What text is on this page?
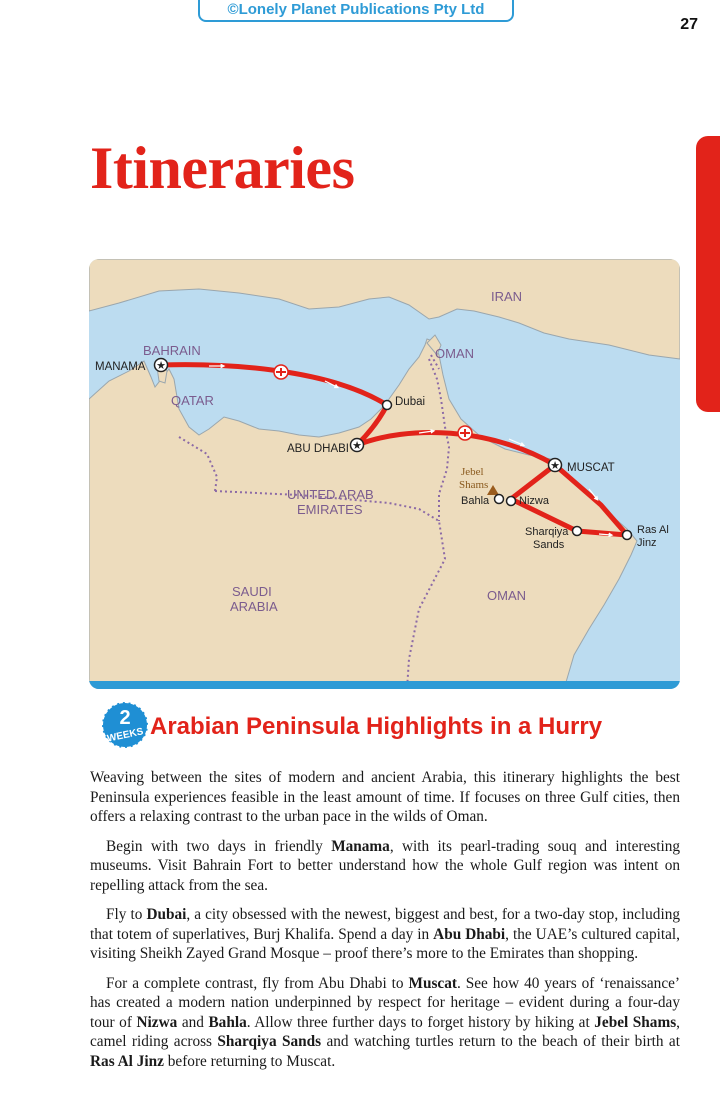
©Lonely Planet Publications Pty Ltd
27
Itineraries
★
★
★
IRAN
BAHRAIN
MANAMA
QATAR
OMAN
Dubai
ABU DHABI
MUSCAT
Jebel
Shams
Bahla	Nizwa
Sharqiya
Sands
Ras Al
Jinz
UNITED ARAB
EMIRATES
SAUDI
ARABIA
OMAN
2
WEEKS Arabian Peninsula Highlights in a Hurry

Weaving between the sites of modern and ancient Arabia, this itinerary highlights the best Peninsula experiences feasible in the least amount of time. If focuses on three Gulf cities, then offers a relaxing contrast to the urban pace in the wilds of Oman.

Begin with two days in friendly Manama, with its pearl-trading souq and interesting museums. Visit Bahrain Fort to better understand how the whole Gulf region was intent on repelling attack from the sea.

Fly to Dubai, a city obsessed with the newest, biggest and best, for a two-day stop, including that totem of superlatives, Burj Khalifa. Spend a day in Abu Dhabi, the UAE’s cultured capital, visiting Sheikh Zayed Grand Mosque – proof there’s more to the Emirates than shopping.

For a complete contrast, fly from Abu Dhabi to Muscat. See how 40 years of ‘renaissance’ has created a modern nation underpinned by respect for heritage – evident during a four-day tour of Nizwa and Bahla. Allow three further days to forget history by hiking at Jebel Shams, camel riding across Sharqiya Sands and watching turtles return to the beach of their birth at Ras Al Jinz before returning to Muscat.
